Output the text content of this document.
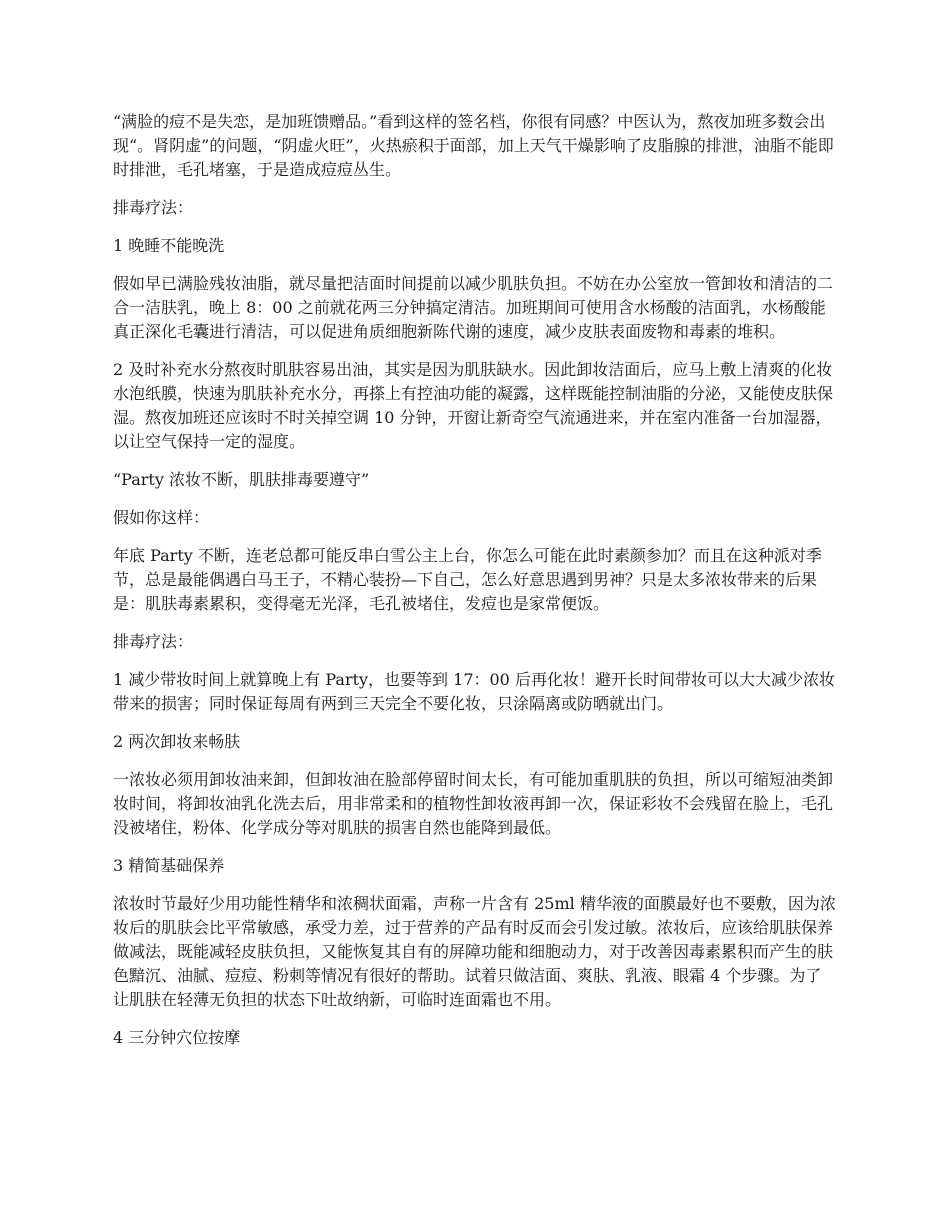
“满脸的痘不是失恋，是加班馈赠品。”看到这样的签名档，你很有同感？中医认为，熬夜加班多数会出现“。肾阴虚”的问题，“阴虚火旺”，火热瘀积于面部，加上天气干燥影响了皮脂腺的排泄，油脂不能即时排泄，毛孔堵塞，于是造成痘痘丛生。

排毒疗法：

1 晚睡不能晚洗

假如早已满脸残妆油脂，就尽量把洁面时间提前以减少肌肤负担。不妨在办公室放一管卸妆和清洁的二合一洁肤乳，晚上 8：00 之前就花两三分钟搞定清洁。加班期间可使用含水杨酸的洁面乳，水杨酸能真正深化毛囊进行清洁，可以促进角质细胞新陈代谢的速度，减少皮肤表面废物和毒素的堆积。

2 及时补充水分熬夜时肌肤容易出油，其实是因为肌肤缺水。因此卸妆洁面后，应马上敷上清爽的化妆水泡纸膜，快速为肌肤补充水分，再搽上有控油功能的凝露，这样既能控制油脂的分泌，又能使皮肤保湿。熬夜加班还应该时不时关掉空调 10 分钟，开窗让新奇空气流通进来，并在室内准备一台加湿器，以让空气保持一定的湿度。

“Party 浓妆不断，肌肤排毒要遵守”

假如你这样：

年底 Party 不断，连老总都可能反串白雪公主上台，你怎么可能在此时素颜参加？而且在这种派对季节，总是最能偶遇白马王子，不精心装扮—下自己，怎么好意思遇到男神？只是太多浓妆带来的后果是：肌肤毒素累积，变得毫无光泽，毛孔被堵住，发痘也是家常便饭。

排毒疗法：

1 减少带妆时间上就算晚上有 Party，也要等到 17：00 后再化妆！避开长时间带妆可以大大减少浓妆带来的损害；同时保证每周有两到三天完全不要化妆，只涂隔离或防晒就出门。

2 两次卸妆来畅肤

一浓妆必须用卸妆油来卸，但卸妆油在脸部停留时间太长，有可能加重肌肤的负担，所以可缩短油类卸妆时间，将卸妆油乳化洗去后，用非常柔和的植物性卸妆液再卸一次，保证彩妆不会残留在脸上，毛孔没被堵住，粉体、化学成分等对肌肤的损害自然也能降到最低。

3 精简基础保养

浓妆时节最好少用功能性精华和浓稠状面霜，声称一片含有 25ml 精华液的面膜最好也不要敷，因为浓妆后的肌肤会比平常敏感，承受力差，过于营养的产品有时反而会引发过敏。浓妆后，应该给肌肤保养做减法，既能减轻皮肤负担，又能恢复其自有的屏障功能和细胞动力，对于改善因毒素累积而产生的肤色黯沉、油腻、痘痘、粉刺等情况有很好的帮助。试着只做洁面、爽肤、乳液、眼霜 4 个步骤。为了让肌肤在轻薄无负担的状态下吐故纳新，可临时连面霜也不用。

4 三分钟穴位按摩
